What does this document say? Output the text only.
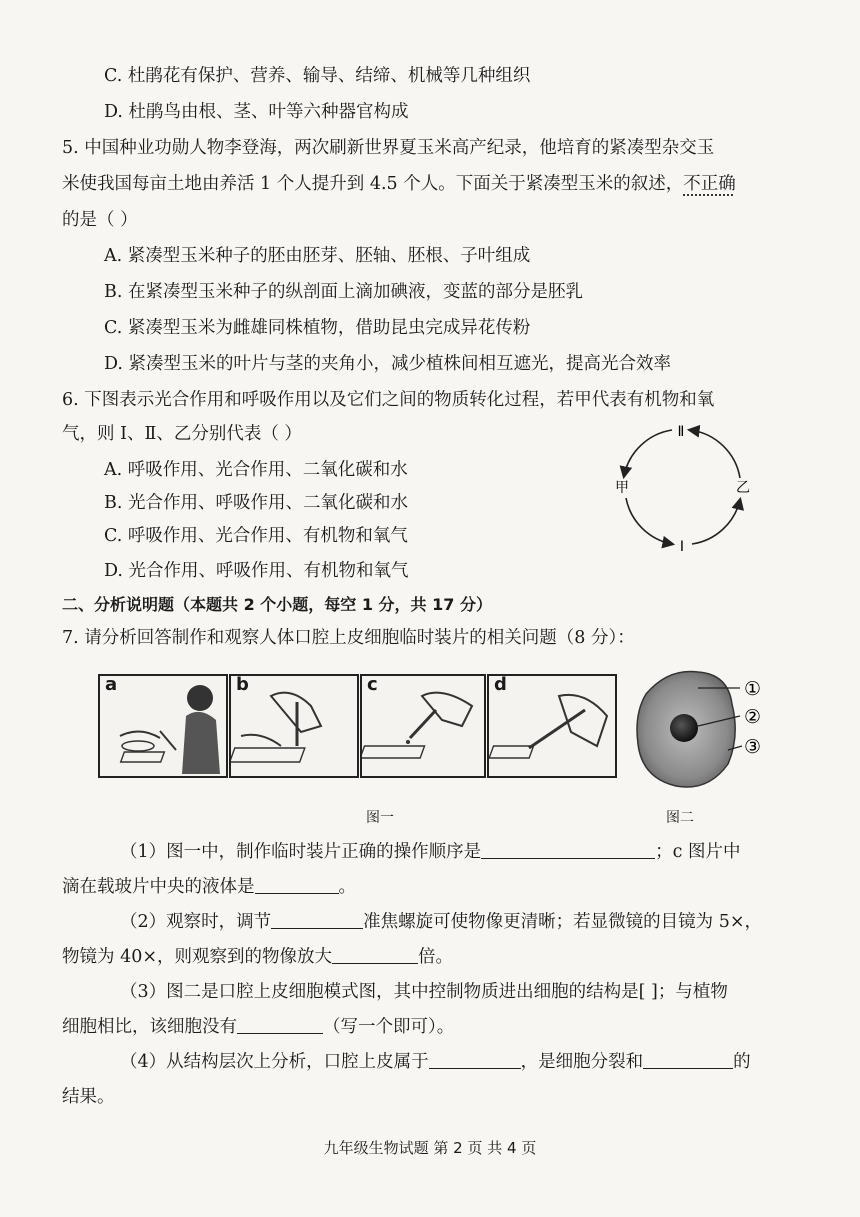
C. 杜鹃花有保护、营养、输导、结缔、机械等几种组织
D. 杜鹃鸟由根、茎、叶等六种器官构成
5. 中国种业功勋人物李登海，两次刷新世界夏玉米高产纪录，他培育的紧凑型杂交玉
米使我国每亩土地由养活 1 个人提升到 4.5 个人。下面关于紧凑型玉米的叙述，不正确
的是（ ）
A. 紧凑型玉米种子的胚由胚芽、胚轴、胚根、子叶组成
B. 在紧凑型玉米种子的纵剖面上滴加碘液，变蓝的部分是胚乳
C. 紧凑型玉米为雌雄同株植物，借助昆虫完成异花传粉
D. 紧凑型玉米的叶片与茎的夹角小，减少植株间相互遮光，提高光合效率
6. 下图表示光合作用和呼吸作用以及它们之间的物质转化过程，若甲代表有机物和氧
气，则 Ⅰ、Ⅱ、乙分别代表（ ）
A. 呼吸作用、光合作用、二氧化碳和水
B. 光合作用、呼吸作用、二氧化碳和水
C. 呼吸作用、光合作用、有机物和氧气
D. 光合作用、呼吸作用、有机物和氧气
Ⅱ
Ⅰ
甲	乙
二、分析说明题（本题共 2 个小题，每空 1 分，共 17 分）
7. 请分析回答制作和观察人体口腔上皮细胞临时装片的相关问题（8 分）：
a	b	c	d	①
②
③
图一	图二
（1）图一中，制作临时装片正确的操作顺序是	；c 图片中
滴在载玻片中央的液体是	。
（2）观察时，调节	准焦螺旋可使物像更清晰；若显微镜的目镜为 5×，
物镜为 40×，则观察到的物像放大	倍。
（3）图二是口腔上皮细胞模式图，其中控制物质进出细胞的结构是[ ]；与植物
细胞相比，该细胞没有	（写一个即可）。
（4）从结构层次上分析，口腔上皮属于	，是细胞分裂和	的
结果。
九年级生物试题 第 2 页 共 4 页
